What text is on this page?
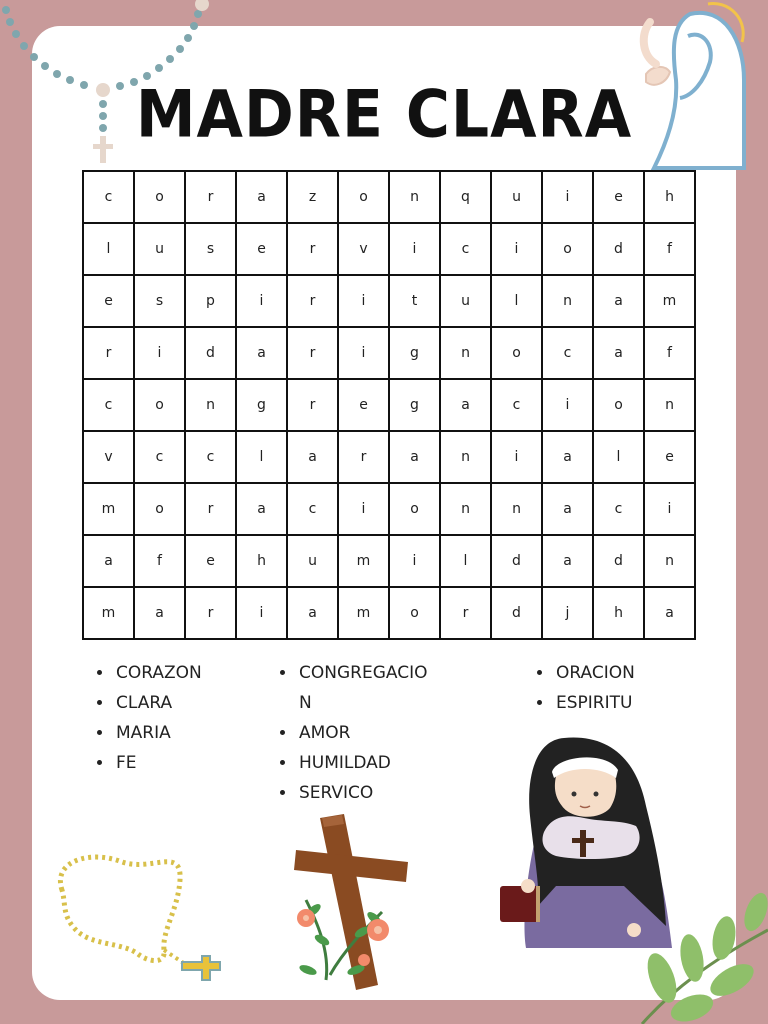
MADRE CLARA
c	o	r	a	z	o	n	q	u	i	e	h
l	u	s	e	r	v	i	c	i	o	d	f
e	s	p	i	r	i	t	u	l	n	a	m
r	i	d	a	r	i	g	n	o	c	a	f
c	o	n	g	r	e	g	a	c	i	o	n
v	c	c	l	a	r	a	n	i	a	l	e
m	o	r	a	c	i	o	n	n	a	c	i
a	f	e	h	u	m	i	l	d	a	d	n
m	a	r	i	a	m	o	r	d	j	h	a
• CORAZON
• CLARA
• MARIA
• FE
• CONGREGACION
• AMOR
• HUMILDAD
• SERVICO
• ORACION
• ESPIRITU
